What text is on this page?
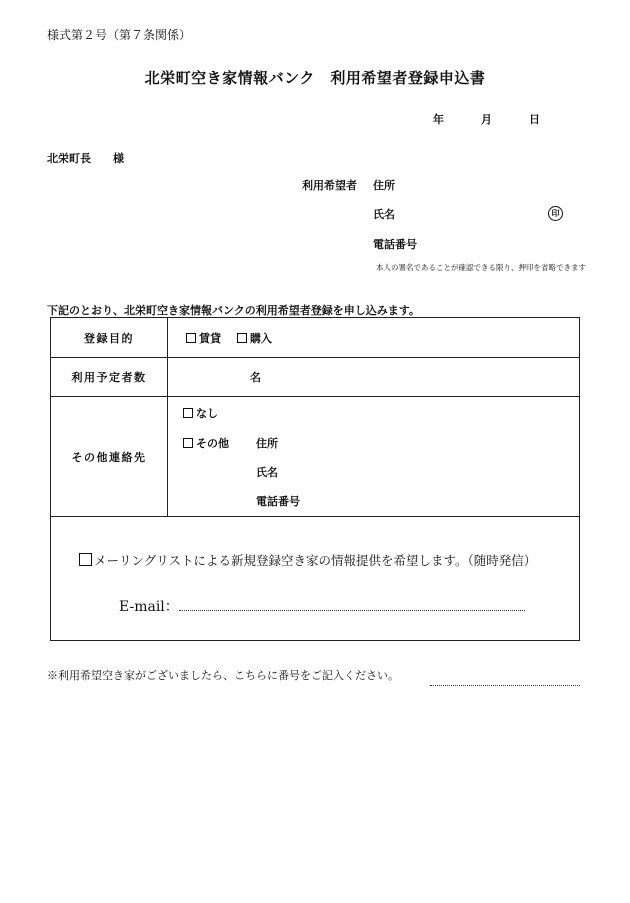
様式第２号（第７条関係）
北栄町空き家情報バンク　利用希望者登録申込書
年	月	日
北栄町長　　様
利用希望者 住所
氏名	印
電話番号
本人の署名であることが確認できる限り、押印を省略できます
下記のとおり、北栄町空き家情報バンクの利用希望者登録を申し込みます。
登録目的	賃貸 購入
利用予定者数	名
その他連絡先	なし
その他 住所
氏名
電話番号

メーリングリストによる新規登録空き家の情報提供を希望します。（随時発信）
E-mail：	
※利用希望空き家がございましたら、こちらに番号をご記入ください。
